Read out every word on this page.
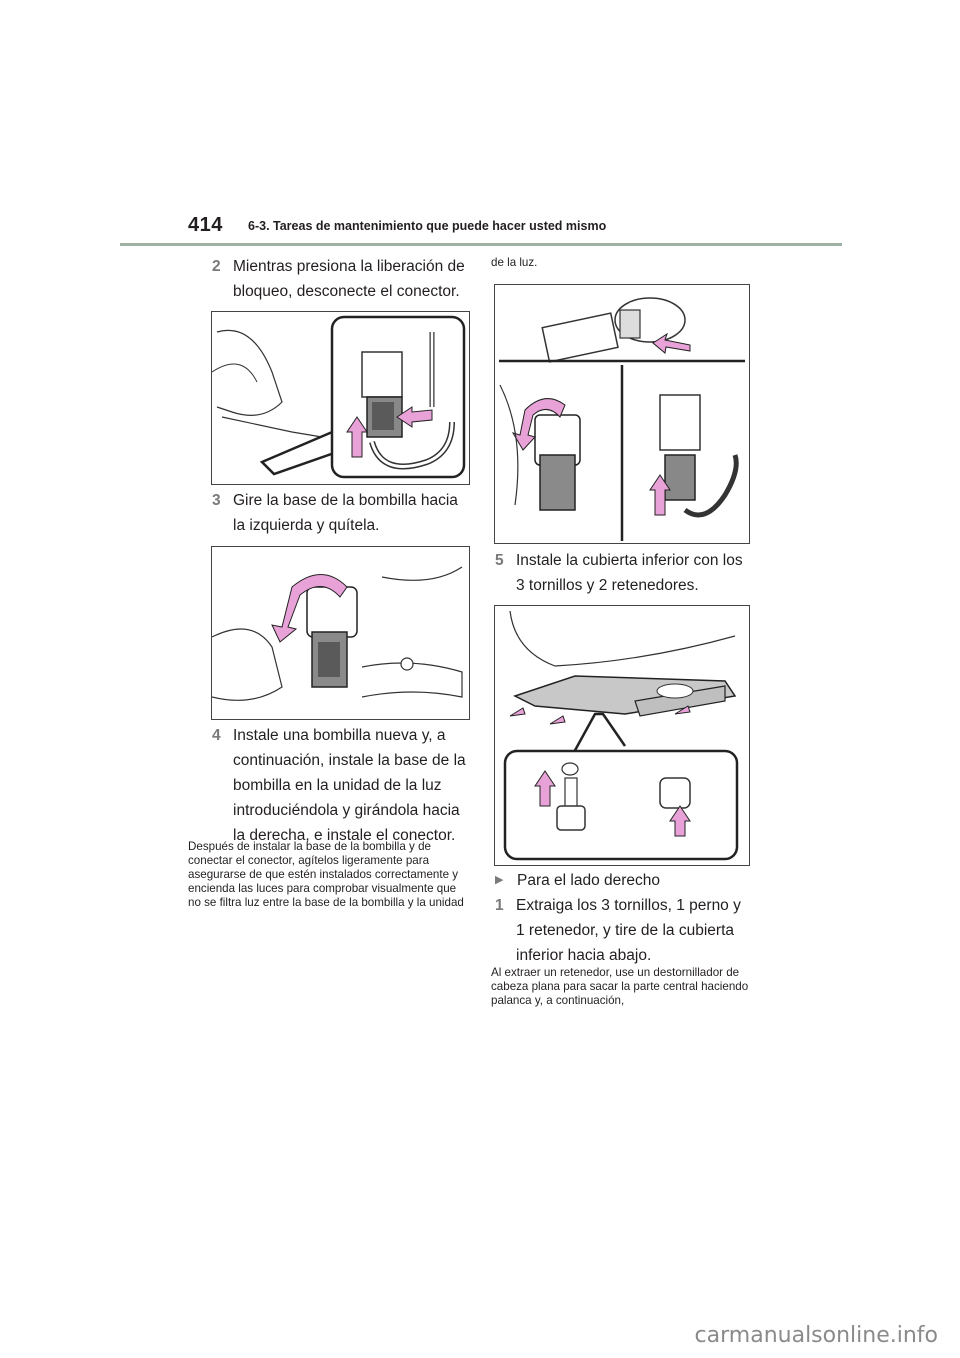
414 6-3. Tareas de mantenimiento que puede hacer usted mismo
2 Mientras presiona la liberación de bloqueo, desconecte el conector.
3 Gire la base de la bombilla hacia la izquierda y quítela.
4 Instale una bombilla nueva y, a continuación, instale la base de la bombilla en la unidad de la luz introduciéndola y girándola hacia la derecha, e instale el conector.
Después de instalar la base de la bombilla y de conectar el conector, agítelos ligeramente para asegurarse de que estén instalados correctamente y encienda las luces para comprobar visualmente que no se filtra luz entre la base de la bombilla y la unidad
de la luz.
5 Instale la cubierta inferior con los 3 tornillos y 2 retenedores.
▶ Para el lado derecho
1 Extraiga los 3 tornillos, 1 perno y 1 retenedor, y tire de la cubierta inferior hacia abajo.
Al extraer un retenedor, use un destornillador de cabeza plana para sacar la parte central haciendo palanca y, a continuación,
carmanualsonline.info
